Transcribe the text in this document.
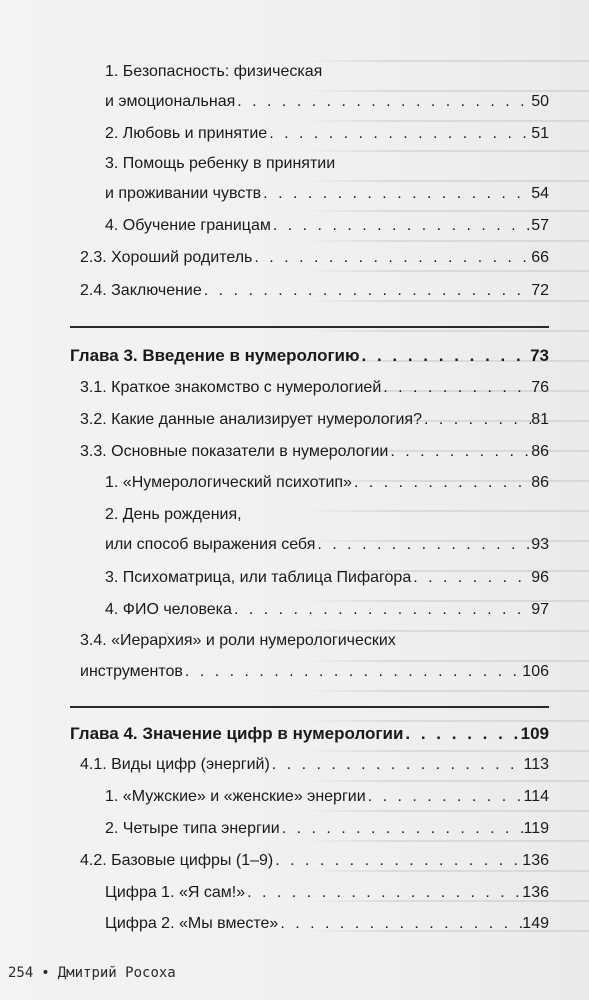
1. Безопасность: физическая
и эмоциональная . . .	50
2. Любовь и принятие . . .	51
3. Помощь ребенку в принятии
и проживании чувств . . .	54
4. Обучение границам . . .	57
2.3. Хороший родитель . . .	66
2.4. Заключение . . .	72
Глава 3. Введение в нумерологию . . .	73
3.1. Краткое знакомство с нумерологией . . .	76
3.2. Какие данные анализирует нумерология? . . .	81
3.3. Основные показатели в нумерологии . . .	86
1. «Нумерологический психотип» . . .	86
2. День рождения,
или способ выражения себя . . .	93
3. Психоматрица, или таблица Пифагора . . .	96
4. ФИО человека . . .	97
3.4. «Иерархия» и роли нумерологических
инструментов . . .	106
Глава 4. Значение цифр в нумерологии . . .	109
4.1. Виды цифр (энергий) . . .	113
1. «Мужские» и «женские» энергии . . .	114
2. Четыре типа энергии . . .	119
4.2. Базовые цифры (1–9) . . .	136
Цифра 1. «Я сам!» . . .	136
Цифра 2. «Мы вместе» . . .	149
254 • Дмитрий Росоха
